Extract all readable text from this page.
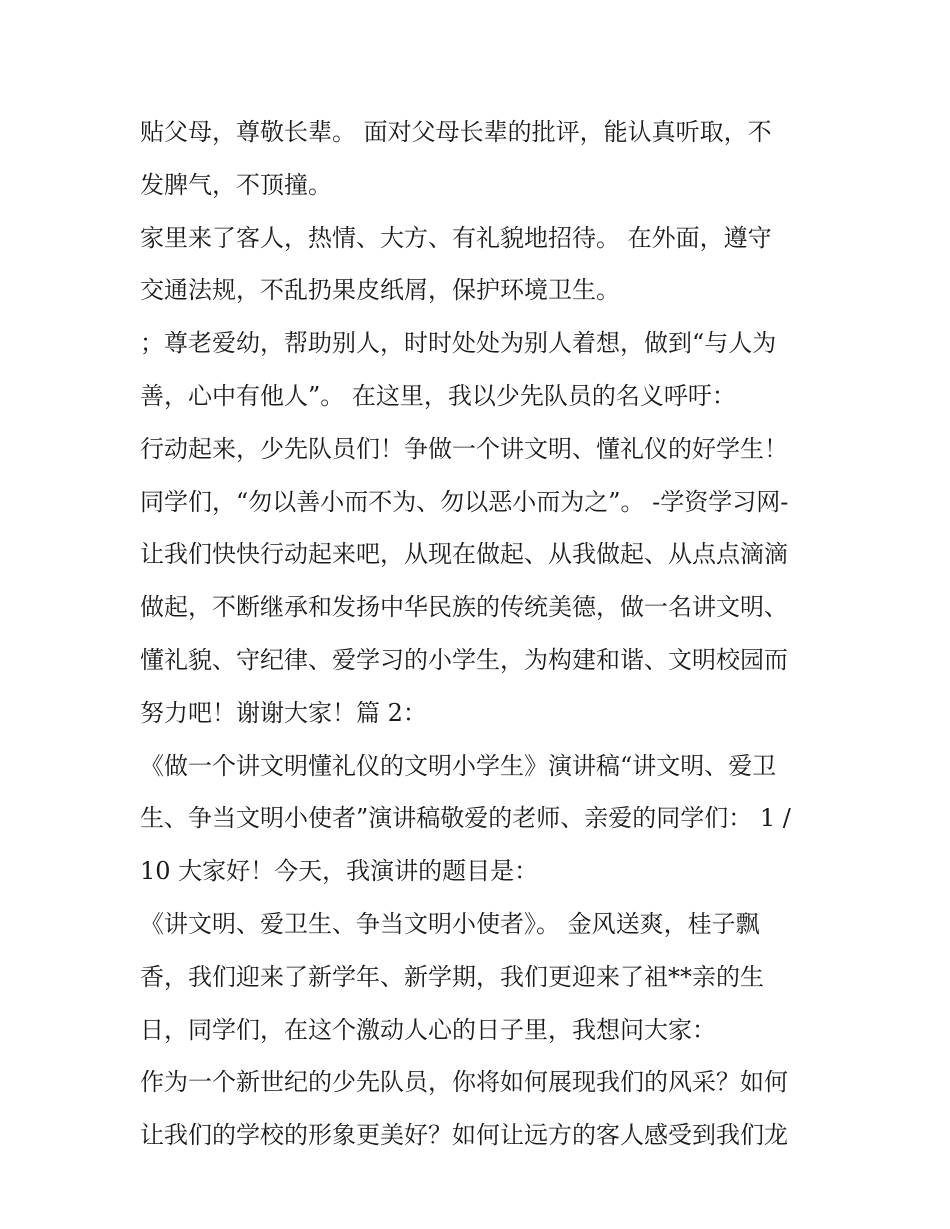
贴父母，尊敬长辈。 面对父母长辈的批评，能认真听取，不
发脾气，不顶撞。
家里来了客人，热情、大方、有礼貌地招待。 在外面，遵守
交通法规，不乱扔果皮纸屑，保护环境卫生。
；尊老爱幼，帮助别人，时时处处为别人着想，做到“与人为
善，心中有他人”。 在这里，我以少先队员的名义呼吁：
行动起来，少先队员们！争做一个讲文明、懂礼仪的好学生！
同学们，“勿以善小而不为、勿以恶小而为之”。 -学资学习网-
让我们快快行动起来吧，从现在做起、从我做起、从点点滴滴
做起，不断继承和发扬中华民族的传统美德，做一名讲文明、
懂礼貌、守纪律、爱学习的小学生，为构建和谐、文明校园而
努力吧！谢谢大家！篇 2：
《做一个讲文明懂礼仪的文明小学生》演讲稿“讲文明、爱卫
生、争当文明小使者”演讲稿敬爱的老师、亲爱的同学们： 1 /
10 大家好！今天，我演讲的题目是：
《讲文明、爱卫生、争当文明小使者》。 金风送爽，桂子飘
香，我们迎来了新学年、新学期，我们更迎来了祖**亲的生
日，同学们，在这个激动人心的日子里，我想问大家：
作为一个新世纪的少先队员，你将如何展现我们的风采？如何
让我们的学校的形象更美好？如何让远方的客人感受到我们龙
